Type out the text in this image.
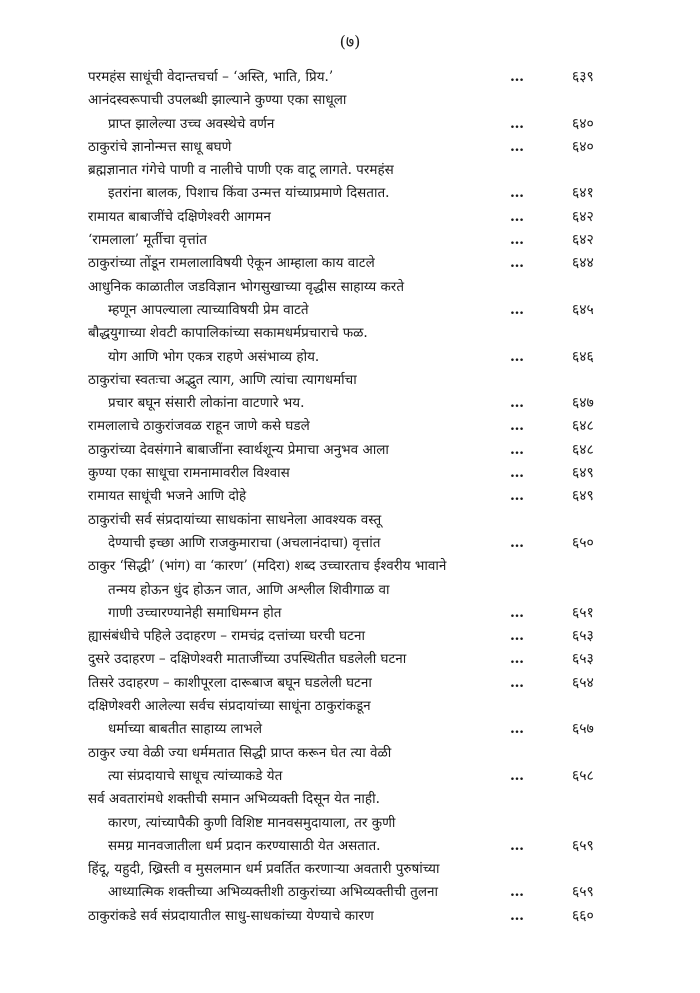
(७)
परमहंस साधूंची वेदान्तचर्चा – ‘अस्ति, भाति, प्रिय.’	…	६३९
आनंदस्वरूपाची उपलब्धी झाल्याने कुण्या एका साधूला
प्राप्त झालेल्या उच्च अवस्थेचे वर्णन	…	६४०
ठाकुरांचे ज्ञानोन्मत्त साधू बघणे	…	६४०
ब्रह्मज्ञानात गंगेचे पाणी व नालीचे पाणी एक वाटू लागते. परमहंस
इतरांना बालक, पिशाच किंवा उन्मत्त यांच्याप्रमाणे दिसतात.	…	६४१
रामायत बाबाजींचे दक्षिणेश्वरी आगमन	…	६४२
‘रामलाला’ मूर्तीचा वृत्तांत	…	६४२
ठाकुरांच्या तोंडून रामलालाविषयी ऐकून आम्हाला काय वाटले	…	६४४
आधुनिक काळातील जडविज्ञान भोगसुखाच्या वृद्धीस साहाय्य करते
म्हणून आपल्याला त्याच्याविषयी प्रेम वाटते	…	६४५
बौद्धयुगाच्या शेवटी कापालिकांच्या सकामधर्मप्रचाराचे फळ.
योग आणि भोग एकत्र राहणे असंभाव्य होय.	…	६४६
ठाकुरांचा स्वतःचा अद्भुत त्याग, आणि त्यांचा त्यागधर्माचा
प्रचार बघून संसारी लोकांना वाटणारे भय.	…	६४७
रामलालाचे ठाकुरांजवळ राहून जाणे कसे घडले	…	६४८
ठाकुरांच्या देवसंगाने बाबाजींना स्वार्थशून्य प्रेमाचा अनुभव आला	…	६४८
कुण्या एका साधूचा रामनामावरील विश्वास	…	६४९
रामायत साधूंची भजने आणि दोहे	…	६४९
ठाकुरांची सर्व संप्रदायांच्या साधकांना साधनेला आवश्यक वस्तू
देण्याची इच्छा आणि राजकुमाराचा (अचलानंदाचा) वृत्तांत	…	६५०
ठाकुर ‘सिद्धी’ (भांग) वा ‘कारण’ (मदिरा) शब्द उच्चारताच ईश्वरीय भावाने
तन्मय होऊन धुंद होऊन जात, आणि अश्लील शिवीगाळ वा
गाणी उच्चारण्यानेही समाधिमग्न होत	…	६५१
ह्यासंबंधीचे पहिले उदाहरण – रामचंद्र दत्तांच्या घरची घटना	…	६५३
दुसरे उदाहरण – दक्षिणेश्वरी माताजींच्या उपस्थितीत घडलेली घटना	…	६५३
तिसरे उदाहरण – काशीपूरला दारूबाज बघून घडलेली घटना	…	६५४
दक्षिणेश्वरी आलेल्या सर्वच संप्रदायांच्या साधूंना ठाकुरांकडून
धर्माच्या बाबतीत साहाय्य लाभले	…	६५७
ठाकुर ज्या वेळी ज्या धर्ममतात सिद्धी प्राप्त करून घेत त्या वेळी
त्या संप्रदायाचे साधूच त्यांच्याकडे येत	…	६५८
सर्व अवतारांमधे शक्तीची समान अभिव्यक्ती दिसून येत नाही.
कारण, त्यांच्यापैकी कुणी विशिष्ट मानवसमुदायाला, तर कुणी
समग्र मानवजातीला धर्म प्रदान करण्यासाठी येत असतात.	…	६५९
हिंदू, यहुदी, ख्रिस्ती व मुसलमान धर्म प्रवर्तित करणाऱ्या अवतारी पुरुषांच्या
आध्यात्मिक शक्तीच्या अभिव्यक्तीशी ठाकुरांच्या अभिव्यक्तीची तुलना	…	६५९
ठाकुरांकडे सर्व संप्रदायातील साधु-साधकांच्या येण्याचे कारण	…	६६०
